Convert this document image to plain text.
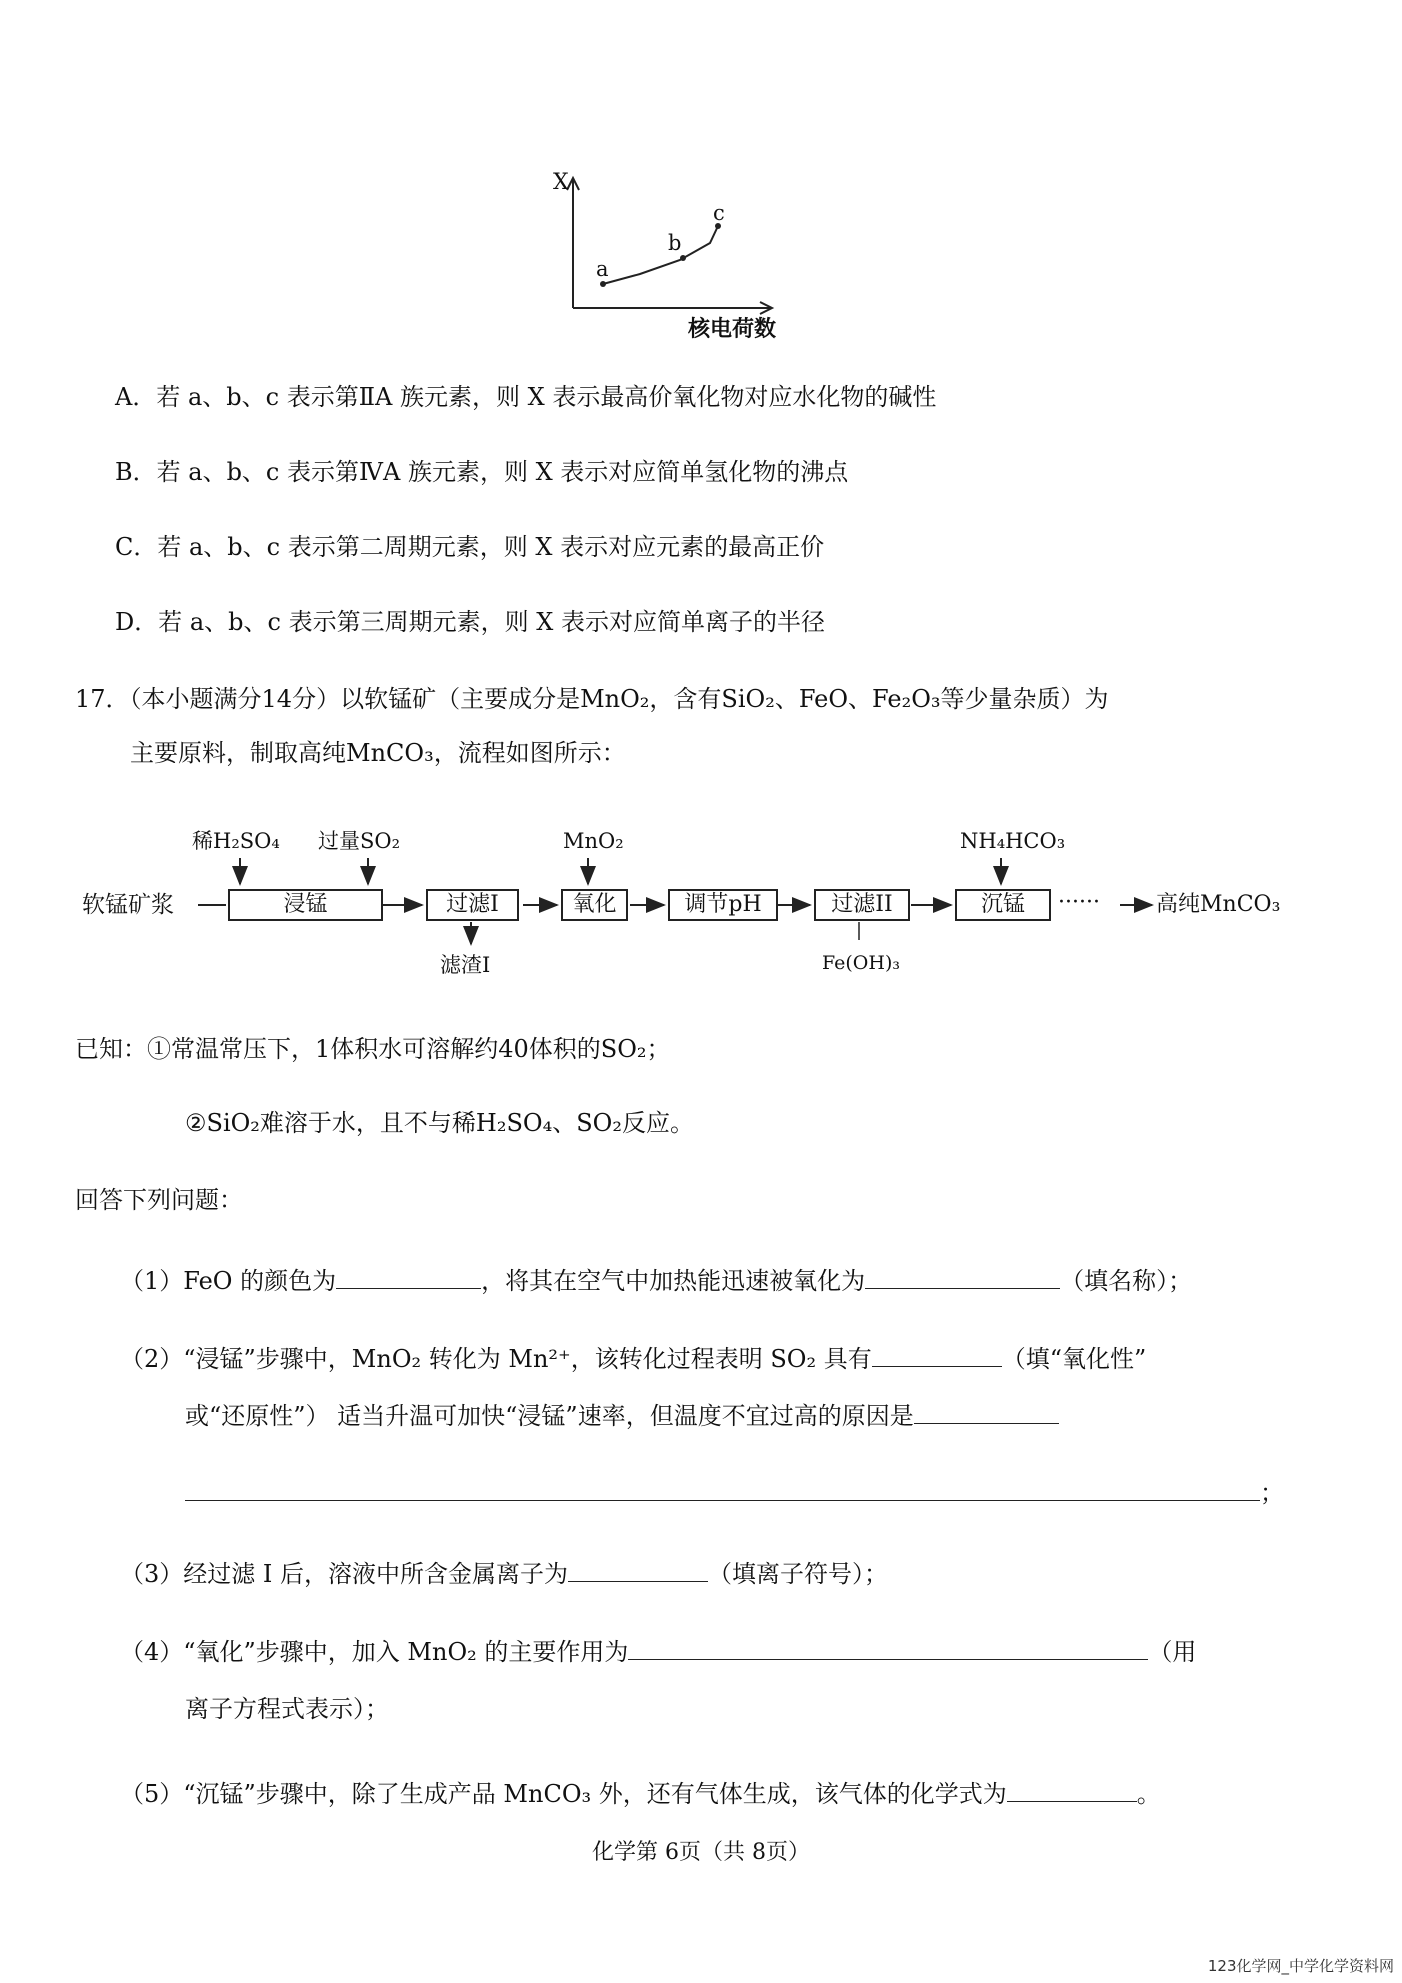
X
核电荷数
a
b
c
A．若 a、b、c 表示第ⅡA 族元素，则 X 表示最高价氧化物对应水化物的碱性
B．若 a、b、c 表示第ⅣA 族元素，则 X 表示对应简单氢化物的沸点
C．若 a、b、c 表示第二周期元素，则 X 表示对应元素的最高正价
D．若 a、b、c 表示第三周期元素，则 X 表示对应简单离子的半径
17．（本小题满分14分）以软锰矿（主要成分是MnO₂，含有SiO₂、FeO、Fe₂O₃等少量杂质）为
主要原料，制取高纯MnCO₃，流程如图所示：
软锰矿浆
稀H₂SO₄ 过量SO₂	MnO₂	NH₄HCO₃
浸锰	过滤I	氧化	调节pH	过滤II	沉锰	······	高纯MnCO₃
滤渣I	Fe(OH)₃
已知：①常温常压下，1体积水可溶解约40体积的SO₂；
②SiO₂难溶于水，且不与稀H₂SO₄、SO₂反应。
回答下列问题：
（1）FeO 的颜色为	，将其在空气中加热能迅速被氧化为	（填名称）；
（2）“浸锰”步骤中，MnO₂ 转化为 Mn²⁺，该转化过程表明 SO₂ 具有	（填“氧化性”
或“还原性”） 适当升温可加快“浸锰”速率，但温度不宜过高的原因是
；
（3）经过滤 I 后，溶液中所含金属离子为	（填离子符号）；
（4）“氧化”步骤中，加入 MnO₂ 的主要作用为	（用
离子方程式表示）；
（5）“沉锰”步骤中，除了生成产品 MnCO₃ 外，还有气体生成，该气体的化学式为	。
化学第 6页（共 8页）
123化学网_中学化学资料网
